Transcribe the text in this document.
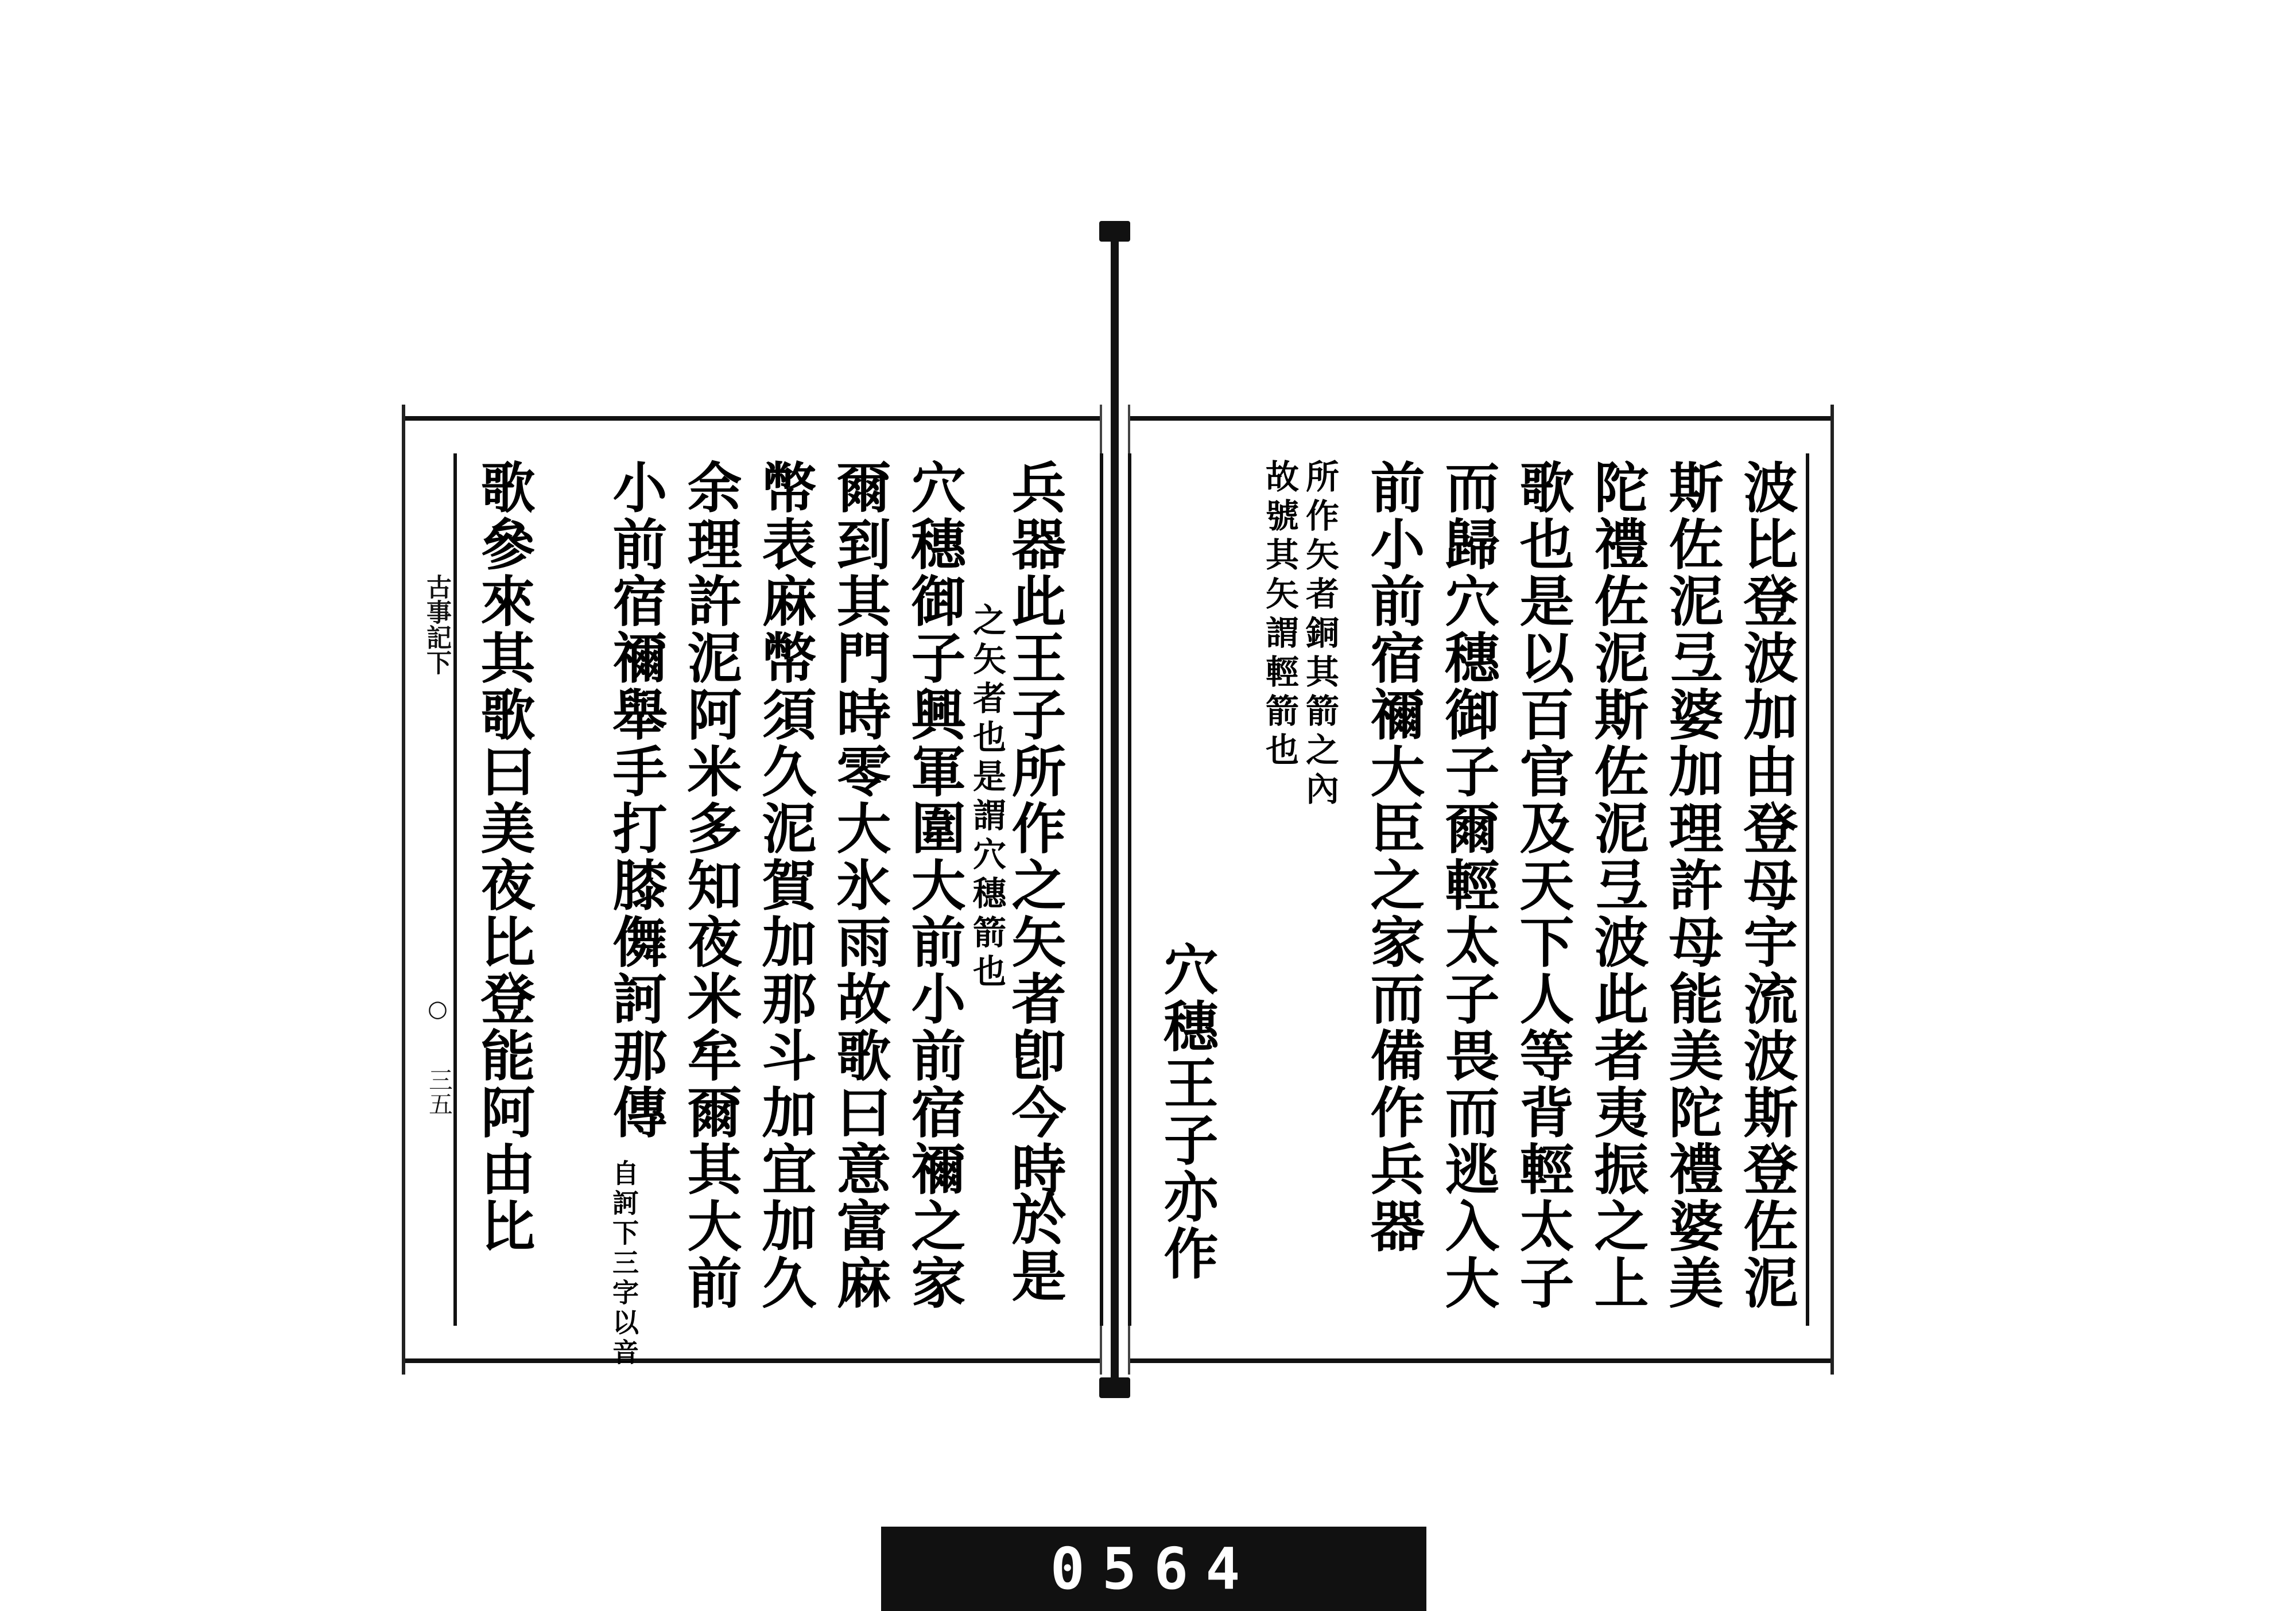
波比登波加由登母宇流波斯登佐泥
斯佐泥弖婆加理許母能美陀禮婆美
陀禮佐泥斯佐泥弖波此者夷振之上
歌也是以百官及天下人等背輕太子
而歸穴穗御子爾輕太子畏而逃入大
前小前宿禰大臣之家而備作兵器
所作矢者銅其箭之內
故號其矢謂輕箭也
穴穗王子亦作
兵器此王子所作之矢者卽今時
之矢者也是謂穴穗箭也
於是
穴穗御子興軍圍大前小前宿禰之家
爾到其門時零大氷雨故歌曰意富麻
幣表麻幣須久泥賀加那斗加宜加久
余理許泥阿米多知夜米牟爾其大前
小前宿禰舉手打膝儛訶那傳
自訶下三字以音
歌參來其歌曰美夜比登能阿由比
古事記下
○
三五
0564
